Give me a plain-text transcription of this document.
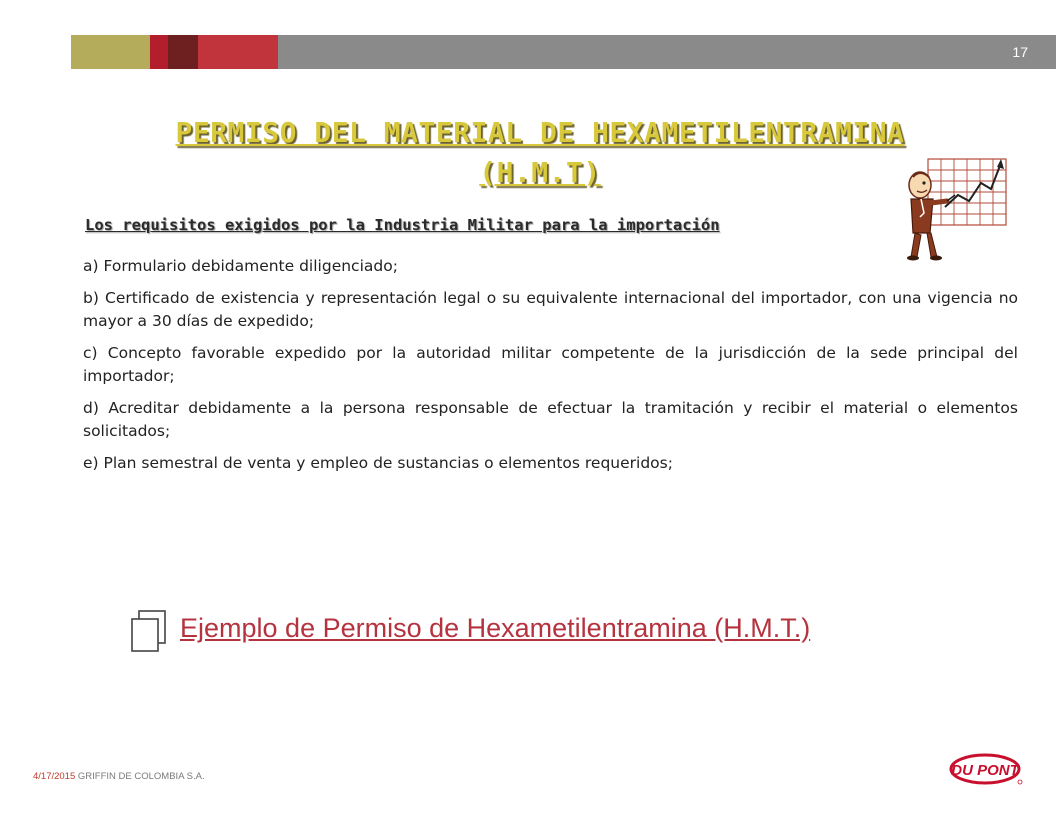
17
PERMISO DEL MATERIAL DE HEXAMETILENTRAMINA
(H.M.T)
Los requisitos exigidos por la Industria Militar para la importación

a) Formulario debidamente diligenciado;

b) Certificado de existencia y representación legal o su equivalente internacional del importador, con una vigencia no mayor a 30 días de expedido;

c) Concepto favorable expedido por la autoridad militar competente de la jurisdicción de la sede principal del importador;

d) Acreditar debidamente a la persona responsable de efectuar la tramitación y recibir el material o elementos solicitados;

e) Plan semestral de venta y empleo de sustancias o elementos requeridos;

Ejemplo de Permiso de Hexametilentramina (H.M.T.)
4/17/2015 GRIFFIN DE COLOMBIA S.A.	DU PONT
